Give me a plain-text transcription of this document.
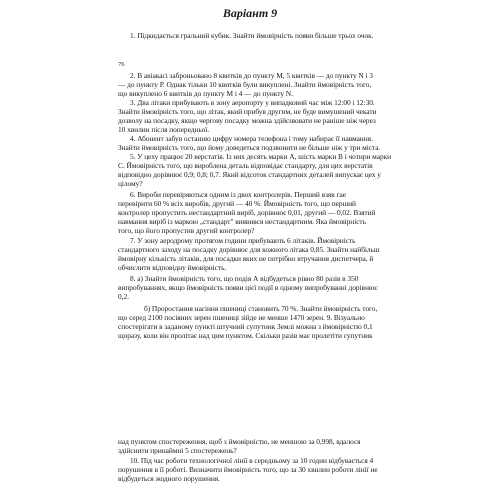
Варіант 9
1. Підкидається гральний кубик. Знайти ймовірність появи більше трьох очок.
76
2. В авіакасі заброньовано 8 квитків до пункту М, 5 квитків — до пункту N і 3
— до пункту Р. Однак тільки 10 квитків були викуплені. Знайти ймовірність того,
що викуплено 6 квитків до пункту М і 4 — до пункту N.
3. Два літаки прибувають в зону аеропорту у випадковий час між 12:00 і 12:30.
Знайти ймовірність того, що літак, який прибув другим, не буде вимушений чекати
дозволу на посадку, якщо чергову посадку можна здійснювати не раніше ніж через
10 хвилин після попередньої.
4. Абонент забув останню цифру номера телефона і тому набирає її навмання.
Знайти ймовірність того, що йому доведеться подзвонити не більше ніж у три міста.
5. У цеху працює 20 верстатів. Із них десять марки А, шість марки В і чотири марки
С. Ймовірність того, що вироблена деталь відповідає стандарту, для цих верстатів
відповідно дорівнює 0,9; 0,8; 0,7. Який відсоток стандартних деталей випускає цех у
цілому?
6. Вироби перевіряються одним із двох контролерів. Перший взяв гае
перевірити 60 % всіх виробів, другий — 40 %. Ймовірність того, що перший
контролер пропустить нестандартний виріб, дорівнює 0,01, другий — 0,02. Взятий
навмання виріб із маркою „стандарт" виявився нестандартним. Яка ймовірність
того, що його пропустив другий контролер?
7. У зону аеродрому протягом години прибувають 6 літаків. Ймовірність
стандартного заходу на посадку дорівнює для кожного літака 0,85. Знайти найбільш
ймовірну кількість літаків, для посадки яких не потрібно втручання диспетчера, й
обчислити відповідну ймовірність.
8. а) Знайти ймовірність того, що подія А відбудеться рівно 80 разів в 350
випробуваннях, якщо ймовірність появи цієї події в одному випробуванні дорівнює
0,2.
б) Проростання насіння пшениці становить 70 %. Знайти ймовірність того,
що серед 2100 посіяних зерен пшениці зійде не менше 1470 зерен. 9. Візуально
спостерігати в заданому пункті штучний супутник Землі можна з ймовірністю 0,1
щоразу, коли він пролітає над цим пунктом. Скільки разів має пролетіти супутник
над пунктом спостереження, щоб з ймовірністю, не меншою за 0,998, вдалося
здійснити принаймні 5 спостережень?
10. Під час роботи технологічної лінії в середньому за 10 годин відбувається 4
порушення в її роботі. Визначити ймовірність того, що за 30 хвилин роботи лінії не
відбудеться жодного порушення.
